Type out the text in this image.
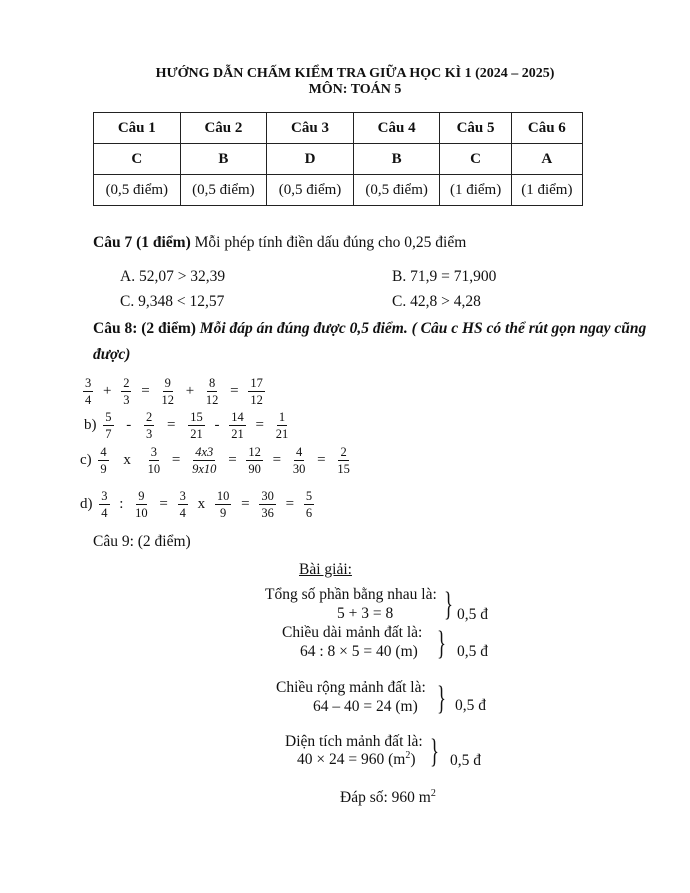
HƯỚNG DẪN CHẤM KIỂM TRA GIỮA HỌC KÌ 1 (2024 – 2025)
MÔN: TOÁN 5
Câu 1	Câu 2	Câu 3	Câu 4	Câu 5	Câu 6
C	B	D	B	C	A
(0,5 điểm)	(0,5 điểm)	(0,5 điểm)	(0,5 điểm)	(1 điểm)	(1 điểm)
Câu 7 (1 điểm) Mỗi phép tính điền dấu đúng cho 0,25 điểm
A. 52,07 > 32,39	B. 71,9 = 71,900
C. 9,348 < 12,57	C. 42,8 > 4,28
Câu 8: (2 điểm) Mỗi đáp án đúng được 0,5 điểm. ( Câu c HS có thể rút gọn ngay cũng
được)
$\frac{3}{4} + \frac{2}{3} = \frac{9}{12} + \frac{8}{12} = \frac{17}{12}$
$b) \frac{5}{7} - \frac{2}{3} = \frac{15}{21} - \frac{14}{21} = \frac{1}{21}$
$c) \frac{4}{9}$ x $\frac{3}{10} = \frac{4x3}{9x10} = \frac{12}{90} = \frac{4}{30} = \frac{2}{15}$
$d) \frac{3}{4}$ : $\frac{9}{10} = \frac{3}{4}$ x $\frac{10}{9} = \frac{30}{36} = \frac{5}{6}$
Câu 9: (2 điểm)
Bài giải:
Tổng số phần bằng nhau là:
5 + 3 = 8 } 0,5 đ
Chiều dài mảnh đất là:
64 : 8 × 5 = 40 (m) } 0,5 đ
Chiều rộng mảnh đất là:
64 – 40 = 24 (m) } 0,5 đ
Diện tích mảnh đất là:
40 × 24 = 960 $(m^2)$ } 0,5 đ
Đáp số: 960 $m^2$
